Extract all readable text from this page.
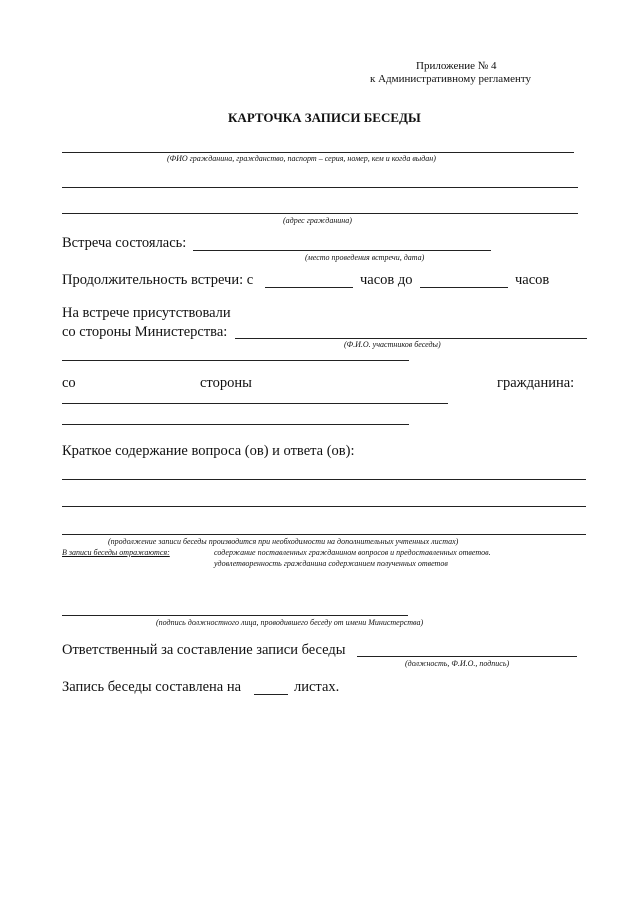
Приложение № 4
к Административному регламенту
КАРТОЧКА ЗАПИСИ БЕСЕДЫ
(ФИО гражданина, гражданство, паспорт – серия, номер, кем и когда выдан)
(адрес гражданина)
Встреча состоялась:
(место проведения встречи, дата)
Продолжительность встречи: с	часов до	часов
На встрече присутствовали
со стороны Министерства:
(Ф.И.О. участников беседы)
со	стороны	гражданина:
Краткое содержание вопроса (ов) и ответа (ов):
(продолжение записи беседы производится при необходимости на дополнительных учтенных листах)
В записи беседы отражаются:	содержание поставленных гражданином вопросов и предоставленных ответов.
удовлетворенность гражданина содержанием полученных ответов
(подпись должностного лица, проводившего беседу от имени Министерства)
Ответственный за составление записи беседы
(должность, Ф.И.О., подпись)
Запись беседы составлена на	листах.
